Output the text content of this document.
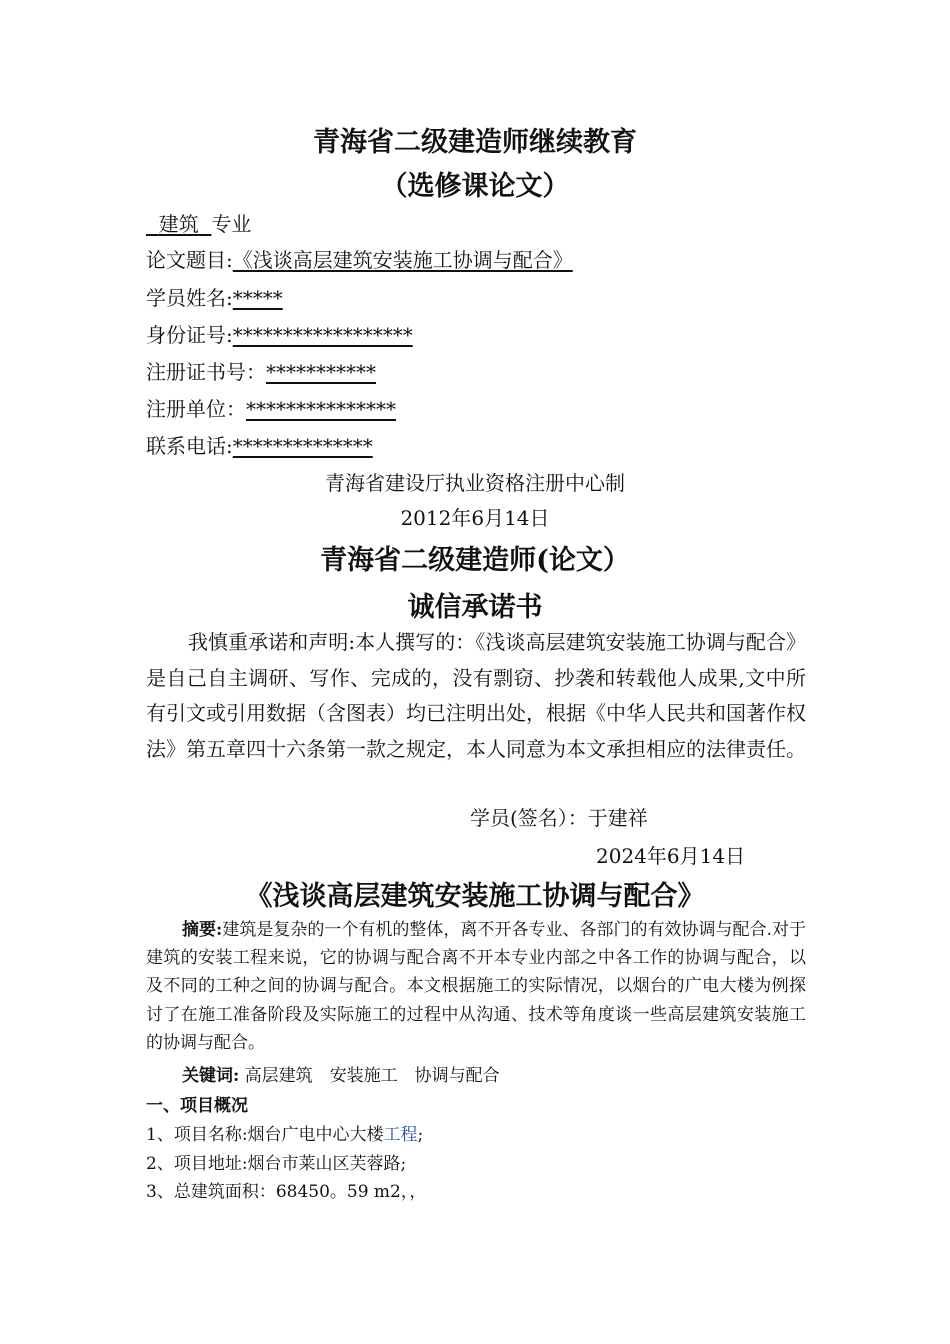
青海省二级建造师继续教育
（选修课论文）
建筑 专业
论文题目:《浅谈高层建筑安装施工协调与配合》
学员姓名:*****
身份证号:******************
注册证书号：***********
注册单位：***************
联系电话:**************
青海省建设厅执业资格注册中心制
2012年6月14日
青海省二级建造师(论文）
诚信承诺书
我慎重承诺和声明:本人撰写的：《浅谈高层建筑安装施工协调与配合》是自己自主调研、写作、完成的，没有剽窃、抄袭和转载他人成果,文中所有引文或引用数据（含图表）均已注明出处，根据《中华人民共和国著作权法》第五章四十六条第一款之规定，本人同意为本文承担相应的法律责任。
学员(签名）：于建祥
2024年6月14日
《浅谈高层建筑安装施工协调与配合》
摘要:建筑是复杂的一个有机的整体，离不开各专业、各部门的有效协调与配合.对于建筑的安装工程来说，它的协调与配合离不开本专业内部之中各工作的协调与配合，以及不同的工种之间的协调与配合。本文根据施工的实际情况，以烟台的广电大楼为例探讨了在施工准备阶段及实际施工的过程中从沟通、技术等角度谈一些高层建筑安装施工的协调与配合。
关键词: 高层建筑　安装施工　协调与配合
一、项目概况
1、项目名称:烟台广电中心大楼工程;
2、项目地址:烟台市莱山区芙蓉路;
3、总建筑面积：68450。59 m2，，
